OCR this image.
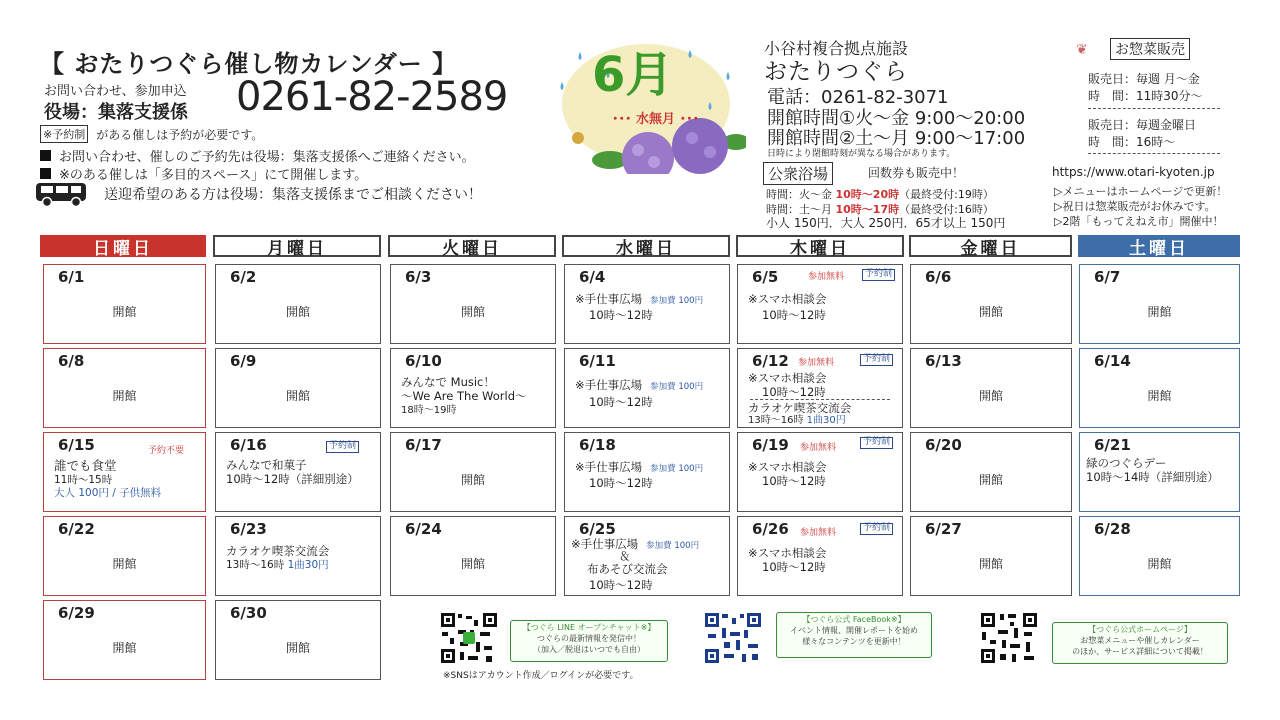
【 おたりつぐら催し物カレンダー 】
お問い合わせ、参加申込
役場：集落支援係 0261-82-2589
※予約制 がある催しは予約が必要です。
お問い合わせ、催しのご予約先は役場：集落支援係へご連絡ください。
※のある催しは「多目的スペース」にて開催します。
送迎希望のある方は役場：集落支援係までご相談ください！
6月
･･･ 水無月 ･･･
小谷村複合拠点施設
おたりつぐら
電話：0261-82-3071
開館時間①火～金 9:00～20:00
開館時間②土～月 9:00～17:00
日時により閉館時刻が異なる場合があります。
公衆浴場	回数券も販売中！
時間：火～金 10時～20時（最終受付:19時）
時間：土～月 10時～17時（最終受付:16時）
小人 150円．大人 250円．65才以上 150円
❦	お惣菜販売
販売日：毎週 月～金
時　間：11時30分～
販売日：毎週金曜日
時　間：16時～
https://www.otari-kyoten.jp
▷メニューはホームページで更新！
▷祝日は惣菜販売がお休みです。
▷2階「もってえねえ市」開催中！
日曜日	月曜日	火曜日	水曜日	木曜日	金曜日	土曜日
6/1
開館
6/2
開館
6/3
開館
6/4
※手仕事広場 参加費 100円
10時～12時
6/5	参加無料	予約制
※スマホ相談会
10時～12時
6/6
開館
6/7
開館
6/8
開館
6/9
開館
6/10
みんなで Music！
～We Are The World～
18時～19時
6/11
※手仕事広場 参加費 100円
10時～12時
6/12 参加無料	予約制
※スマホ相談会
10時～12時
カラオケ喫茶交流会
13時～16時 1曲30円
6/13
開館
6/14
開館
6/15	予約不要
誰でも食堂
11時～15時
大人 100円 / 子供無料
6/16	予約制
みんなで和菓子
10時～12時（詳細別途）
6/17
開館
6/18
※手仕事広場 参加費 100円
10時～12時
6/19 参加無料
予約制
※スマホ相談会
10時～12時
6/20
開館
6/21
緑のつぐらデー
10時～14時（詳細別途）
6/22
開館
6/23
カラオケ喫茶交流会
13時～16時 1曲30円
6/24
開館
6/25
※手仕事広場 参加費 100円
＆
布あそび交流会
10時～12時
6/26 参加無料	予約制
※スマホ相談会
10時～12時
6/27
開館
6/28
開館
6/29
開館
6/30
開館
【つぐら LINE オープンチャット※】
つぐらの最新情報を発信中！
（加入／脱退はいつでも自由）
※SNSはアカウント作成／ログインが必要です。
【つぐら公式 FaceBook※】
イベント情報、開催レポートを始め
様々なコンテンツを更新中！
【つぐら公式ホームページ】
お惣菜メニューや催しカレンダー
のほか、サービス詳細について掲載！
